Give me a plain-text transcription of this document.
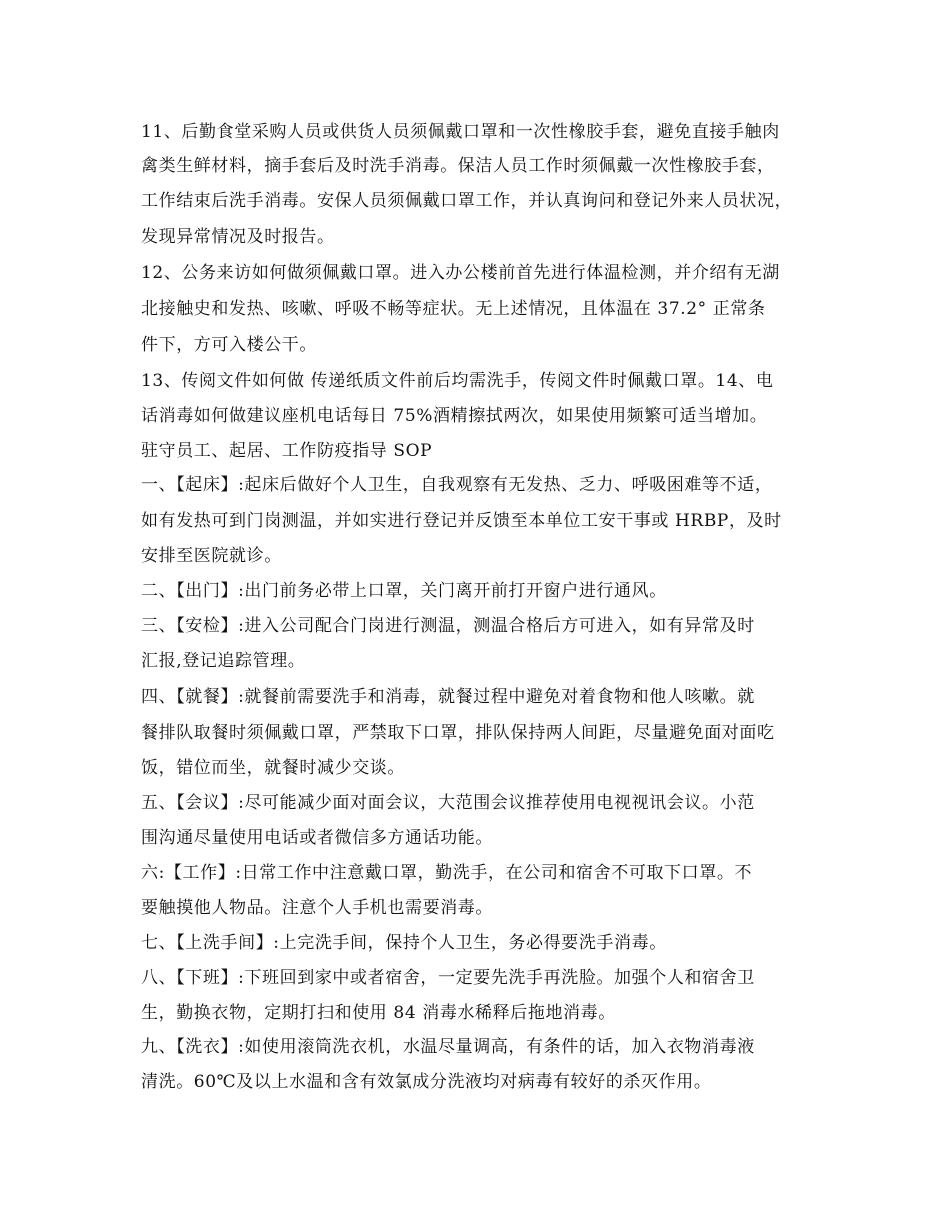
11、后勤食堂采购人员或供货人员须佩戴口罩和一次性橡胶手套，避免直接手触肉

禽类生鲜材料，摘手套后及时洗手消毒。保洁人员工作时须佩戴一次性橡胶手套，

工作结束后洗手消毒。安保人员须佩戴口罩工作，并认真询问和登记外来人员状况，

发现异常情况及时报告。

12、公务来访如何做须佩戴口罩。进入办公楼前首先进行体温检测，并介绍有无湖

北接触史和发热、咳嗽、呼吸不畅等症状。无上述情况，且体温在 37.2° 正常条

件下，方可入楼公干。

13、传阅文件如何做 传递纸质文件前后均需洗手，传阅文件时佩戴口罩。14、电

话消毒如何做建议座机电话每日 75%酒精擦拭两次，如果使用频繁可适当增加。

驻守员工、起居、工作防疫指导 SOP

一、【起床】:起床后做好个人卫生，自我观察有无发热、乏力、呼吸困难等不适，

如有发热可到门岗测温，并如实进行登记并反馈至本单位工安干事或 HRBP，及时

安排至医院就诊。

二、【出门】:出门前务必带上口罩，关门离开前打开窗户进行通风。

三、【安检】:进入公司配合门岗进行测温，测温合格后方可进入，如有异常及时

汇报,登记追踪管理。

四、【就餐】:就餐前需要洗手和消毒，就餐过程中避免对着食物和他人咳嗽。就

餐排队取餐时须佩戴口罩，严禁取下口罩，排队保持两人间距，尽量避免面对面吃

饭，错位而坐，就餐时减少交谈。

五、【会议】:尽可能减少面对面会议，大范围会议推荐使用电视视讯会议。小范

围沟通尽量使用电话或者微信多方通话功能。

六:【工作】:日常工作中注意戴口罩，勤洗手，在公司和宿舍不可取下口罩。不

要触摸他人物品。注意个人手机也需要消毒。

七、【上洗手间】:上完洗手间，保持个人卫生，务必得要洗手消毒。

八、【下班】:下班回到家中或者宿舍，一定要先洗手再洗脸。加强个人和宿舍卫

生，勤换衣物，定期打扫和使用 84 消毒水稀释后拖地消毒。

九、【洗衣】:如使用滚筒洗衣机，水温尽量调高，有条件的话，加入衣物消毒液

清洗。60℃及以上水温和含有效氯成分洗液均对病毒有较好的杀灭作用。
